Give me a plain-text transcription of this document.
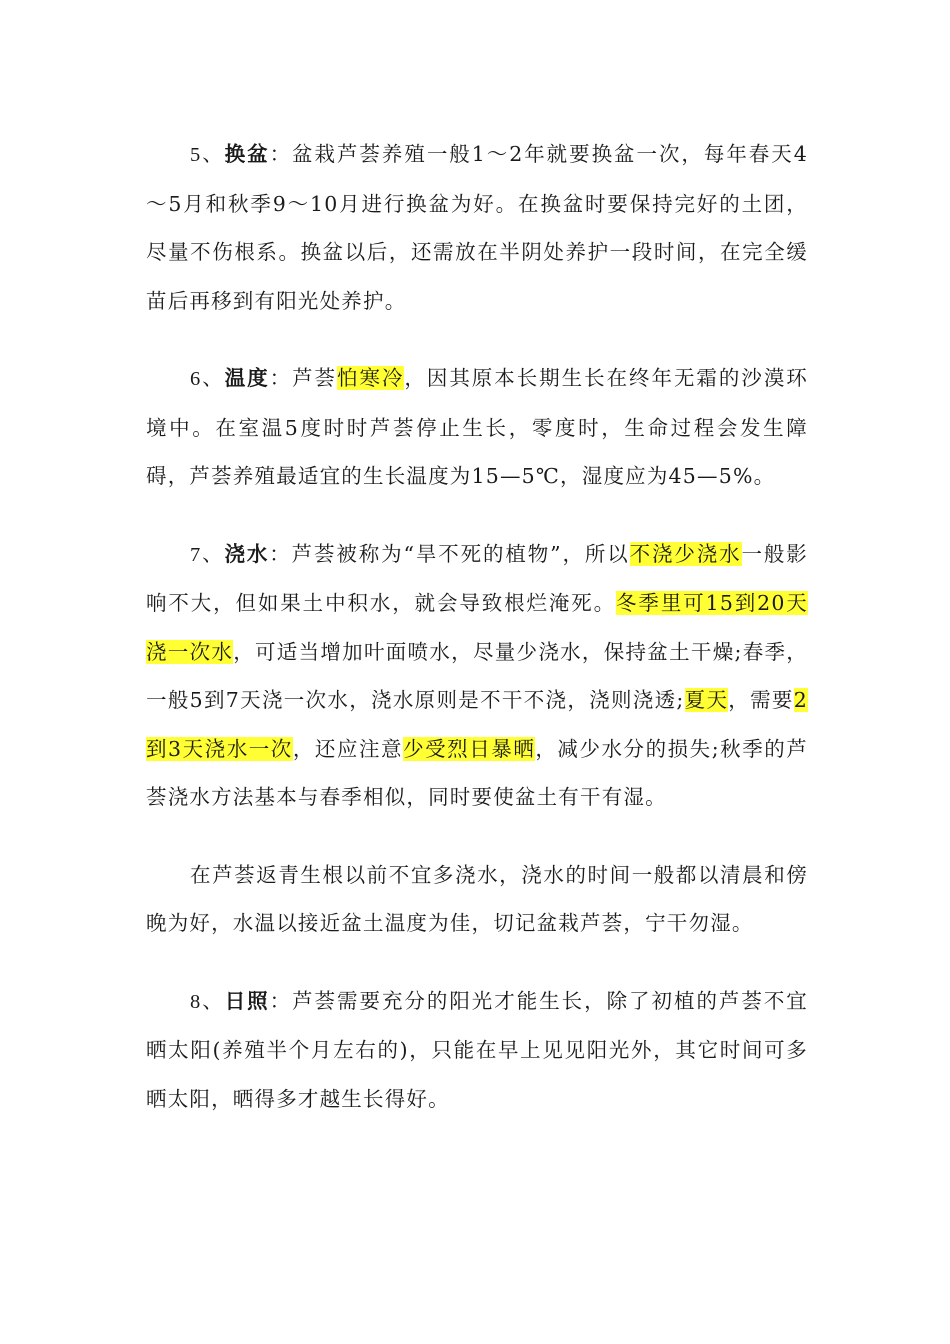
5、换盆：盆栽芦荟养殖一般1～2年就要换盆一次，每年春天4～5月和秋季9～10月进行换盆为好。在换盆时要保持完好的土团，尽量不伤根系。换盆以后，还需放在半阴处养护一段时间，在完全缓苗后再移到有阳光处养护。

6、温度：芦荟怕寒冷，因其原本长期生长在终年无霜的沙漠环境中。在室温5度时时芦荟停止生长，零度时，生命过程会发生障碍，芦荟养殖最适宜的生长温度为15—5℃，湿度应为45—5%。

7、浇水：芦荟被称为“旱不死的植物”，所以不浇少浇水一般影响不大，但如果土中积水，就会导致根烂淹死。冬季里可15到20天浇一次水，可适当增加叶面喷水，尽量少浇水，保持盆土干燥;春季，一般5到7天浇一次水，浇水原则是不干不浇，浇则浇透;夏天，需要2到3天浇水一次，还应注意少受烈日暴晒，减少水分的损失;秋季的芦荟浇水方法基本与春季相似，同时要使盆土有干有湿。

在芦荟返青生根以前不宜多浇水，浇水的时间一般都以清晨和傍晚为好，水温以接近盆土温度为佳，切记盆栽芦荟，宁干勿湿。

8、日照：芦荟需要充分的阳光才能生长，除了初植的芦荟不宜晒太阳(养殖半个月左右的)，只能在早上见见阳光外，其它时间可多晒太阳，晒得多才越生长得好。
